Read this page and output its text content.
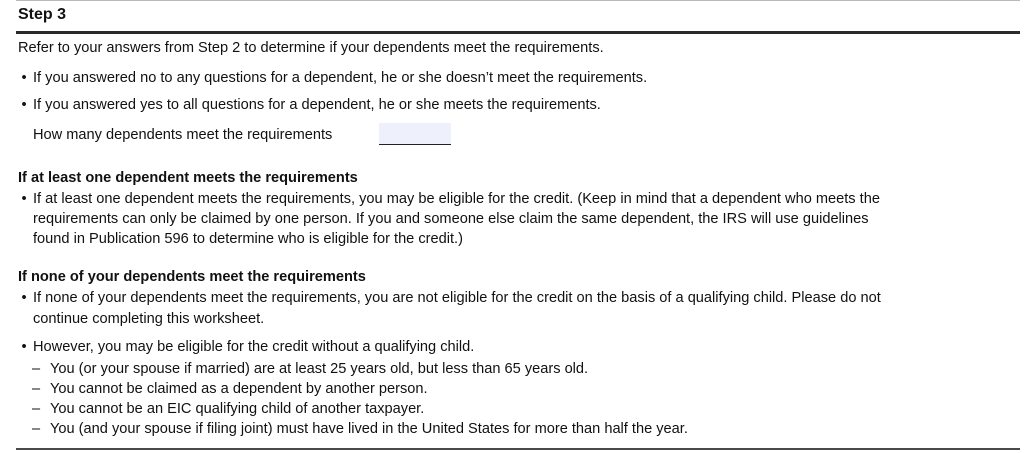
Step 3
Refer to your answers from Step 2 to determine if your dependents meet the requirements.
• If you answered no to any questions for a dependent, he or she doesn’t meet the requirements.
• If you answered yes to all questions for a dependent, he or she meets the requirements.
How many dependents meet the requirements
If at least one dependent meets the requirements
• If at least one dependent meets the requirements, you may be eligible for the credit. (Keep in mind that a dependent who meets the
requirements can only be claimed by one person. If you and someone else claim the same dependent, the IRS will use guidelines
found in Publication 596 to determine who is eligible for the credit.)
If none of your dependents meet the requirements
• If none of your dependents meet the requirements, you are not eligible for the credit on the basis of a qualifying child. Please do not
continue completing this worksheet.
• However, you may be eligible for the credit without a qualifying child.
– You (or your spouse if married) are at least 25 years old, but less than 65 years old.
– You cannot be claimed as a dependent by another person.
– You cannot be an EIC qualifying child of another taxpayer.
– You (and your spouse if filing joint) must have lived in the United States for more than half the year.
